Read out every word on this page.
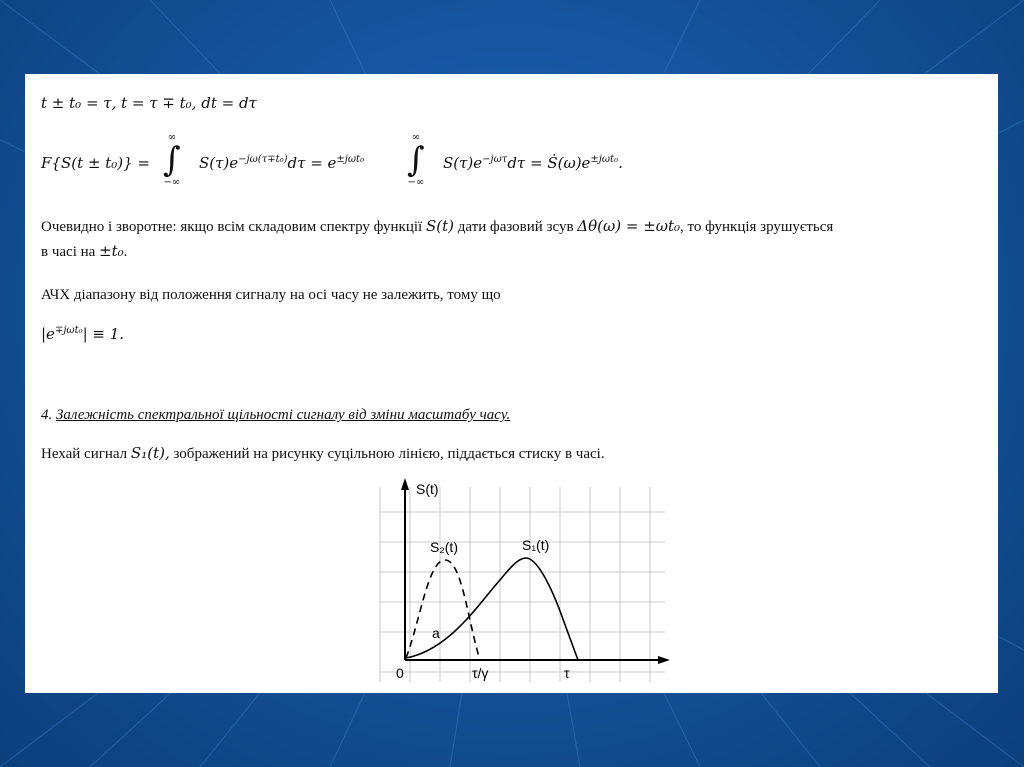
t ± t₀ = τ, t = τ ∓ t₀, dt = dτ
F{S(t ± t₀)} =
∞
∫
−∞
$S(\tau)e^{-j\omega(\tau\mp t_0)}d\tau = e^{\pm j\omega t_0}$
∞
∫
−∞
$S(\tau)e^{-j\omega\tau}d\tau$ = $Ṡ(\omega)e^{\pm j\omega t_0}$.
Очевидно і зворотне: якщо всім складовим спектру функції S(t) дати фазовий зсув Δθ(ω) = ±ωt₀, то функція зрушується
в часі на ±t₀.
АЧХ діапазону від положення сигналу на осі часу не залежить, тому що
$|e^{\mp j\omega t_0}| \equiv 1$.
4. Залежність спектральної щільності сигналу від зміни масштабу часу.
Нехай сигнал S₁(t), зображений на рисунку суцільною лінією, піддається стиску в часі.
S(t)
S₂(t)	S₁(t)
a
0	τ/γ	τ
